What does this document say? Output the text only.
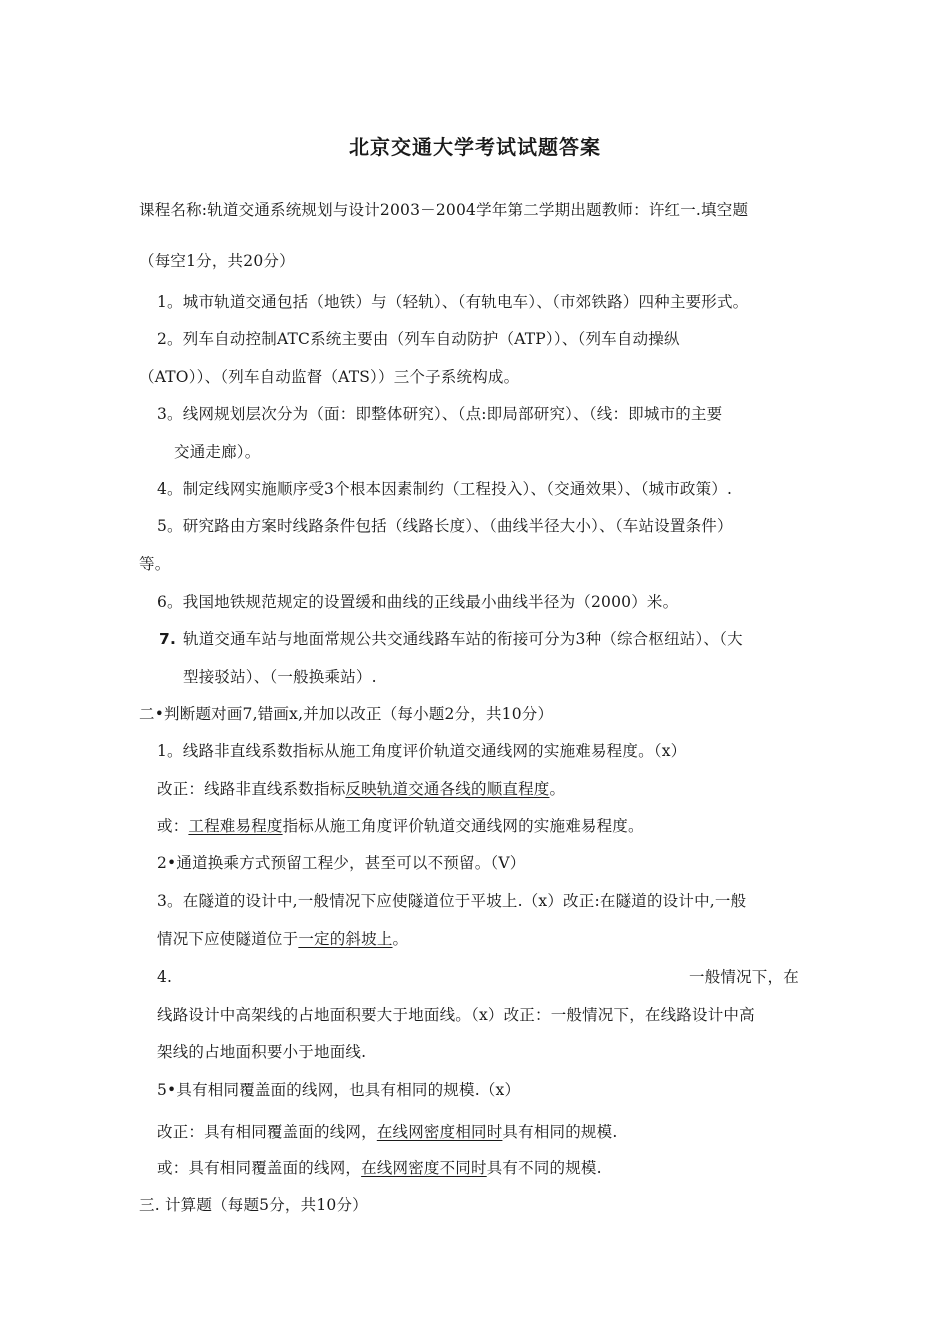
北京交通大学考试试题答案
课程名称:轨道交通系统规划与设计2003－2004学年第二学期出题教师：许红一.填空题
（每空1分，共20分）
1。城市轨道交通包括（地铁）与（轻轨）、（有轨电车）、（市郊铁路）四种主要形式。
2。列车自动控制ATC系统主要由（列车自动防护（ATP））、（列车自动操纵
（ATO））、（列车自动监督（ATS））三个子系统构成。
3。线网规划层次分为（面：即整体研究）、（点:即局部研究）、（线：即城市的主要
交通走廊）。
4。制定线网实施顺序受3个根本因素制约（工程投入）、（交通效果）、（城市政策）.
5。研究路由方案时线路条件包括（线路长度）、（曲线半径大小）、（车站设置条件）
等。
6。我国地铁规范规定的设置缓和曲线的正线最小曲线半径为（2000）米。
7. 轨道交通车站与地面常规公共交通线路车站的衔接可分为3种（综合枢纽站）、（大
型接驳站）、（一般换乘站）.
二•判断题对画7,错画x,并加以改正（每小题2分，共10分）
1。线路非直线系数指标从施工角度评价轨道交通线网的实施难易程度。（x）
改正：线路非直线系数指标反映轨道交通各线的顺直程度。
或：工程难易程度指标从施工角度评价轨道交通线网的实施难易程度。
2•通道换乘方式预留工程少，甚至可以不预留。（V）
3。在隧道的设计中,一般情况下应使隧道位于平坡上.（x）改正:在隧道的设计中,一般
情况下应使隧道位于一定的斜坡上。
4.	一般情况下，在
线路设计中高架线的占地面积要大于地面线。（x）改正：一般情况下，在线路设计中高
架线的占地面积要小于地面线.
5•具有相同覆盖面的线网，也具有相同的规模.（x）
改正：具有相同覆盖面的线网，在线网密度相同时具有相同的规模.
或：具有相同覆盖面的线网，在线网密度不同时具有不同的规模.
三. 计算题（每题5分，共10分）
